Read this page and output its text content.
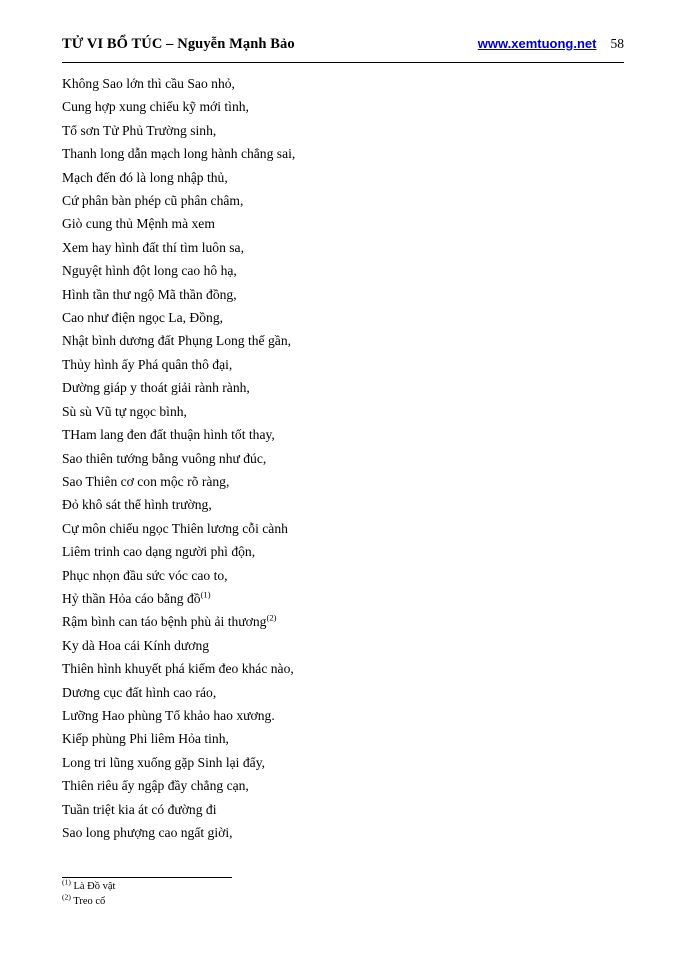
TỬ VI BỔ TÚC – Nguyễn Mạnh Bảo	www.xemtuong.net 58
Không Sao lớn thì cầu Sao nhỏ,
Cung hợp xung chiếu kỹ mới tình,
Tổ sơn Tử Phủ Trường sinh,
Thanh long dẫn mạch long hành chẳng sai,
Mạch đến đó là long nhập thủ,
Cứ phân bàn phép cũ phân châm,
Giò cung thủ Mệnh mà xem
Xem hay hình đất thí tìm luôn sa,
Nguyệt hình đột long cao hô hạ,
Hình tần thư ngộ Mã thần đồng,
Cao như điện ngọc La, Đồng,
Nhật bình dương đất Phụng Long thế gần,
Thủy hình ấy Phá quân thô đại,
Dường giáp y thoát giải rành rành,
Sù sù Vũ tự ngọc bình,
THam lang đen đất thuận hình tốt thay,
Sao thiên tướng bằng vuông như đúc,
Sao Thiên cơ con mộc rõ ràng,
Đỏ khô sát thể hình trường,
Cự môn chiếu ngọc Thiên lương cỗi cành
Liêm trinh cao dạng người phì độn,
Phục nhọn đầu sức vóc cao to,
Hỷ thần Hỏa cáo bằng đồ$^{(1)}$
Rậm bình can táo bệnh phù ải thương$^{(2)}$
Ky dà Hoa cái Kính dương
Thiên hình khuyết phá kiếm đeo khác nào,
Dương cục đất hình cao ráo,
Lưỡng Hao phùng Tổ khảo hao xương.
Kiếp phùng Phi liêm Hỏa tinh,
Long tri lũng xuống gặp Sinh lại đẩy,
Thiên riêu ấy ngập đầy chẳng cạn,
Tuần triệt kia át có đường đi
Sao long phượng cao ngất giời,
$^{(1)}$ Là Đồ vật
$^{(2)}$ Treo cổ
